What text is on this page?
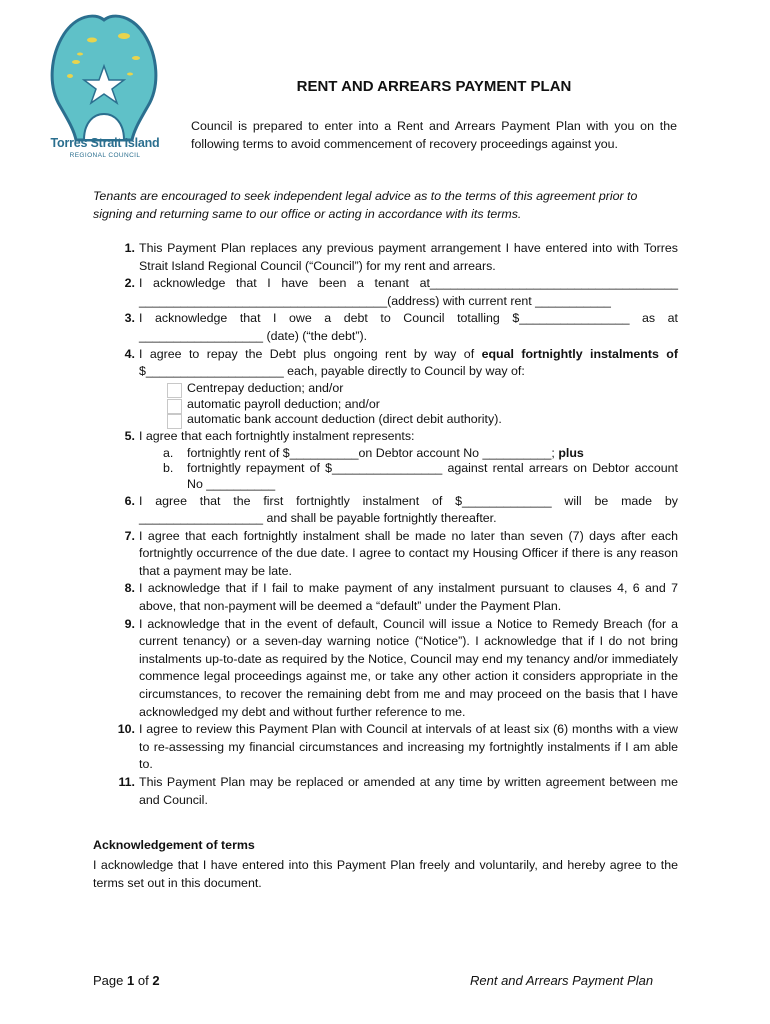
Torres Strait Island
REGIONAL COUNCIL
RENT AND ARREARS PAYMENT PLAN

Council is prepared to enter into a Rent and Arrears Payment Plan with you on the following terms to avoid commencement of recovery proceedings against you.

Tenants are encouraged to seek independent legal advice as to the terms of this agreement prior to signing and returning same to our office or acting in accordance with its terms.

1. This Payment Plan replaces any previous payment arrangement I have entered into with Torres Strait Island Regional Council (“Council”) for my rent and arrears.
2. I acknowledge that I have been a tenant at____________________________________ ____________________________________(address) with current rent ___________
3. I acknowledge that I owe a debt to Council totalling $________________ as at __________________ (date) (“the debt”).
4. I agree to repay the Debt plus ongoing rent by way of equal fortnightly instalments of $____________________ each, payable directly to Council by way of:
Centrepay deduction; and/or
automatic payroll deduction; and/or
automatic bank account deduction (direct debit authority).
5. I agree that each fortnightly instalment represents:
a. fortnightly rent of $__________on Debtor account No __________; plus
b. fortnightly repayment of $________________ against rental arrears on Debtor account No __________
6. I agree that the first fortnightly instalment of $_____________ will be made by __________________ and shall be payable fortnightly thereafter.
7. I agree that each fortnightly instalment shall be made no later than seven (7) days after each fortnightly occurrence of the due date. I agree to contact my Housing Officer if there is any reason that a payment may be late.
8. I acknowledge that if I fail to make payment of any instalment pursuant to clauses 4, 6 and 7 above, that non-payment will be deemed a “default” under the Payment Plan.
9. I acknowledge that in the event of default, Council will issue a Notice to Remedy Breach (for a current tenancy) or a seven-day warning notice (“Notice”). I acknowledge that if I do not bring instalments up-to-date as required by the Notice, Council may end my tenancy and/or immediately commence legal proceedings against me, or take any other action it considers appropriate in the circumstances, to recover the remaining debt from me and may proceed on the basis that I have acknowledged my debt and without further reference to me.
10. I agree to review this Payment Plan with Council at intervals of at least six (6) months with a view to re-assessing my financial circumstances and increasing my fortnightly instalments if I am able to.
11. This Payment Plan may be replaced or amended at any time by written agreement between me and Council.
Acknowledgement of terms

I acknowledge that I have entered into this Payment Plan freely and voluntarily, and hereby agree to the terms set out in this document.

Page 1 of 2	Rent and Arrears Payment Plan
